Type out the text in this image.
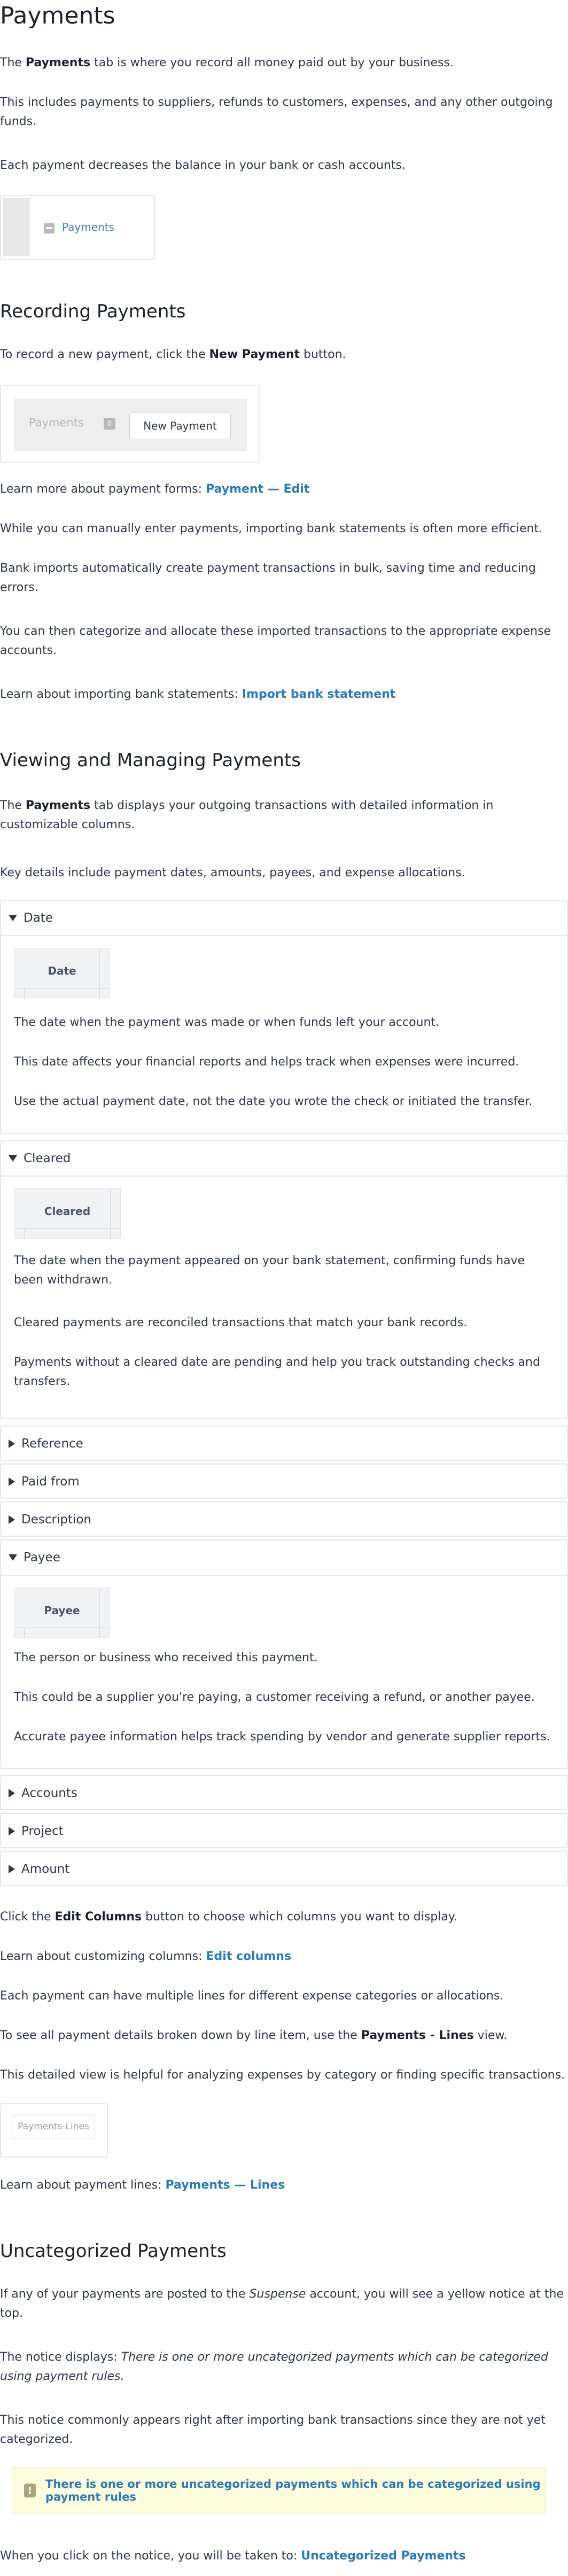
Payments

The Payments tab is where you record all money paid out by your business.

This includes payments to suppliers, refunds to customers, expenses, and any other outgoing funds.

Each payment decreases the balance in your bank or cash accounts.

Payments
Recording Payments

To record a new payment, click the New Payment button.

Payments	0	New Payment

Learn more about payment forms: Payment — Edit

While you can manually enter payments, importing bank statements is often more efficient.

Bank imports automatically create payment transactions in bulk, saving time and reducing errors.

You can then categorize and allocate these imported transactions to the appropriate expense accounts.

Learn about importing bank statements: Import bank statement

Viewing and Managing Payments

The Payments tab displays your outgoing transactions with detailed information in customizable columns.

Key details include payment dates, amounts, payees, and expense allocations.

Date
Date

The date when the payment was made or when funds left your account.

This date affects your financial reports and helps track when expenses were incurred.

Use the actual payment date, not the date you wrote the check or initiated the transfer.

Cleared
Cleared

The date when the payment appeared on your bank statement, confirming funds have been withdrawn.

Cleared payments are reconciled transactions that match your bank records.

Payments without a cleared date are pending and help you track outstanding checks and transfers.

Reference
Paid from
Description
Payee
Payee

The person or business who received this payment.

This could be a supplier you're paying, a customer receiving a refund, or another payee.

Accurate payee information helps track spending by vendor and generate supplier reports.

Accounts
Project
Amount

Click the Edit Columns button to choose which columns you want to display.

Learn about customizing columns: Edit columns

Each payment can have multiple lines for different expense categories or allocations.

To see all payment details broken down by line item, use the Payments - Lines view.

This detailed view is helpful for analyzing expenses by category or finding specific transactions.

Payments-Lines

Learn about payment lines: Payments — Lines

Uncategorized Payments

If any of your payments are posted to the Suspense account, you will see a yellow notice at the top.

The notice displays: There is one or more uncategorized payments which can be categorized using payment rules.

This notice commonly appears right after importing bank transactions since they are not yet categorized.

!	There is one or more uncategorized payments which can be categorized using payment rules

When you click on the notice, you will be taken to: Uncategorized Payments
